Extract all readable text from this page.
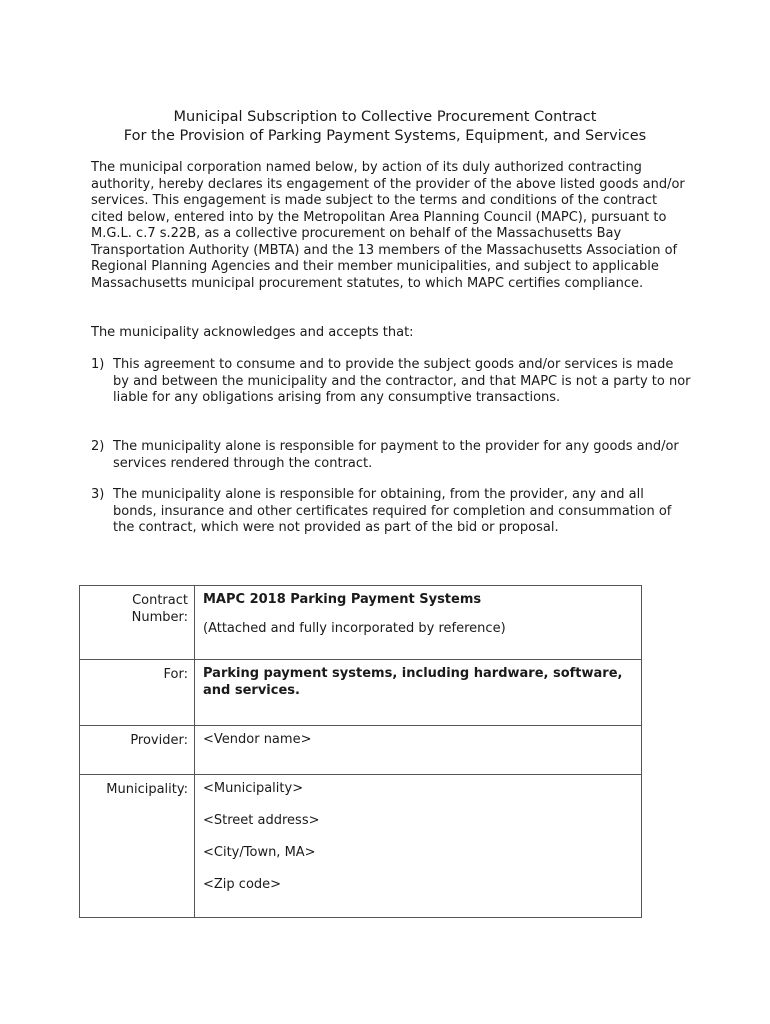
Municipal Subscription to Collective Procurement Contract
For the Provision of Parking Payment Systems, Equipment, and Services

The municipal corporation named below, by action of its duly authorized contracting authority, hereby declares its engagement of the provider of the above listed goods and/or services. This engagement is made subject to the terms and conditions of the contract cited below, entered into by the Metropolitan Area Planning Council (MAPC), pursuant to M.G.L. c.7 s.22B, as a collective procurement on behalf of the Massachusetts Bay Transportation Authority (MBTA) and the 13 members of the Massachusetts Association of Regional Planning Agencies and their member municipalities, and subject to applicable Massachusetts municipal procurement statutes, to which MAPC certifies compliance.

The municipality acknowledges and accepts that:

1) This agreement to consume and to provide the subject goods and/or services is made by and between the municipality and the contractor, and that MAPC is not a party to nor liable for any obligations arising from any consumptive transactions.
2) The municipality alone is responsible for payment to the provider for any goods and/or services rendered through the contract.
3) The municipality alone is responsible for obtaining, from the provider, any and all bonds, insurance and other certificates required for completion and consummation of the contract, which were not provided as part of the bid or proposal.
Contract Number:	MAPC 2018 Parking Payment Systems
(Attached and fully incorporated by reference)

For:	Parking payment systems, including hardware, software, and services.
Provider:	<Vendor name>
Municipality:	<Municipality>
<Street address>
<City/Town, MA>
<Zip code>
